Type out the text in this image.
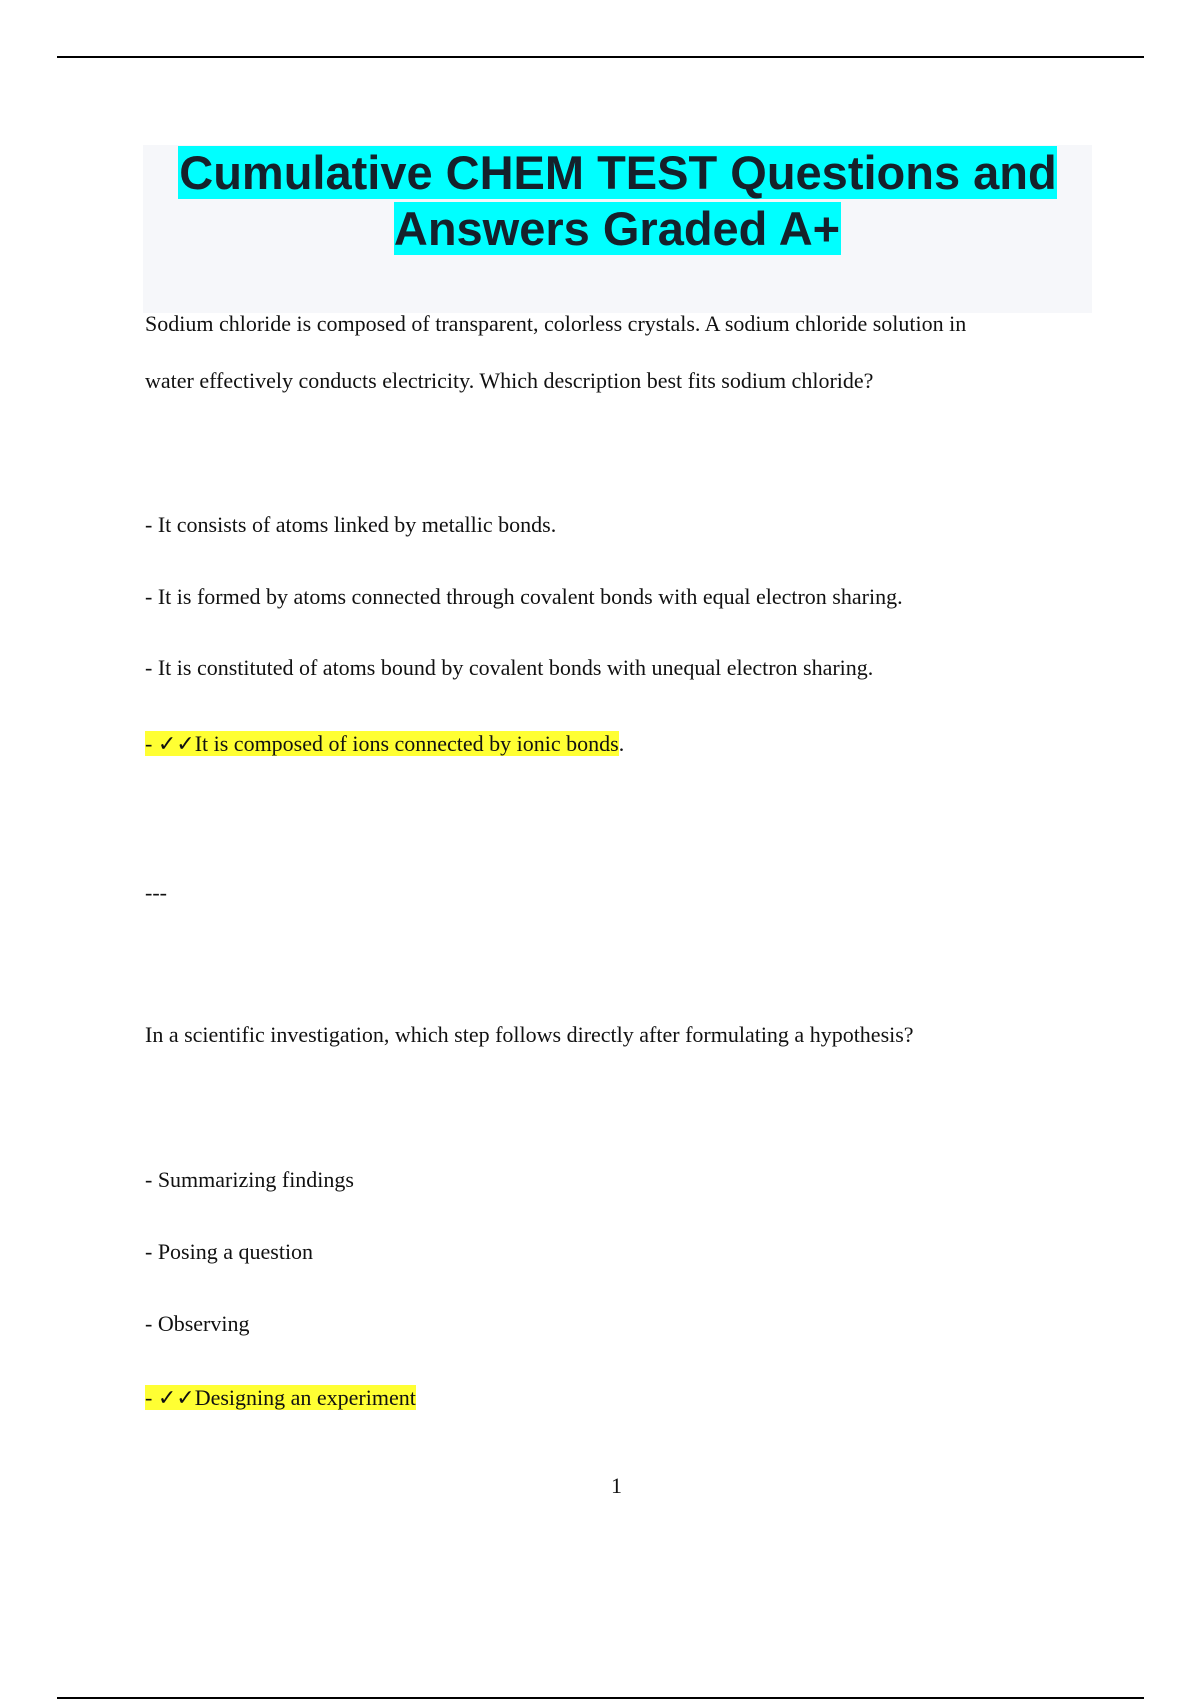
Cumulative CHEM TEST Questions and Answers Graded A+

Sodium chloride is composed of transparent, colorless crystals. A sodium chloride solution in

water effectively conducts electricity. Which description best fits sodium chloride?

- It consists of atoms linked by metallic bonds.

- It is formed by atoms connected through covalent bonds with equal electron sharing.

- It is constituted of atoms bound by covalent bonds with unequal electron sharing.

- ✓✓It is composed of ions connected by ionic bonds.

---

In a scientific investigation, which step follows directly after formulating a hypothesis?

- Summarizing findings

- Posing a question

- Observing

- ✓✓Designing an experiment

1
